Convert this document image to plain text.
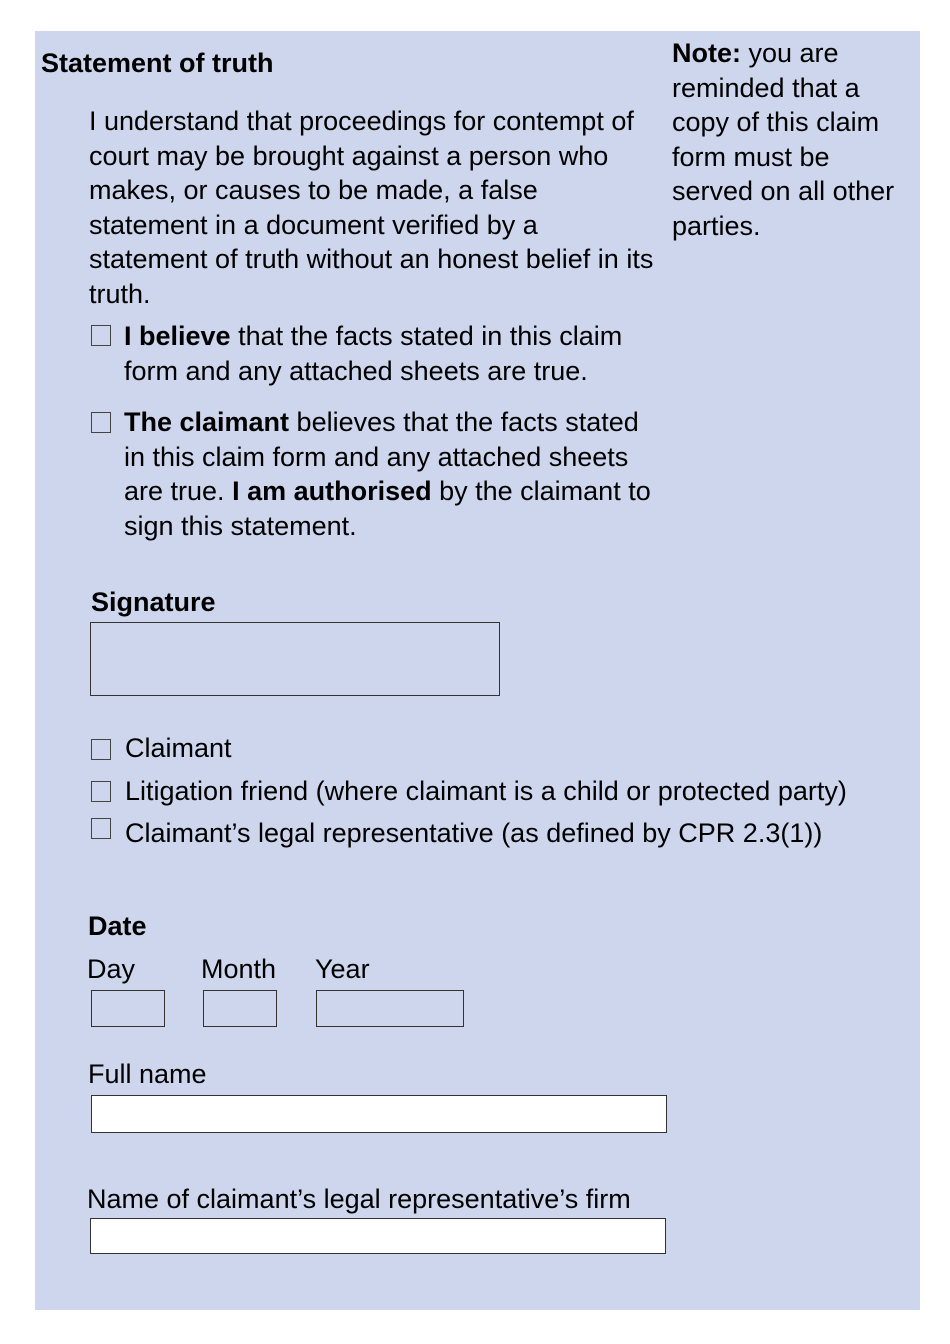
Statement of truth	Note: you are reminded that a copy of this claim form must be served on all other parties.
I understand that proceedings for contempt of court may be brought against a person who makes, or causes to be made, a false statement in a document verified by a statement of truth without an honest belief in its truth.
I believe that the facts stated in this claim form and any attached sheets are true.
The claimant believes that the facts stated in this claim form and any attached sheets are true. I am authorised by the claimant to sign this statement.
Signature
Claimant
Litigation friend (where claimant is a child or protected party)
Claimant’s legal representative (as defined by CPR 2.3(1))
Date
Day Month Year
Full name
Name of claimant’s legal representative’s firm
